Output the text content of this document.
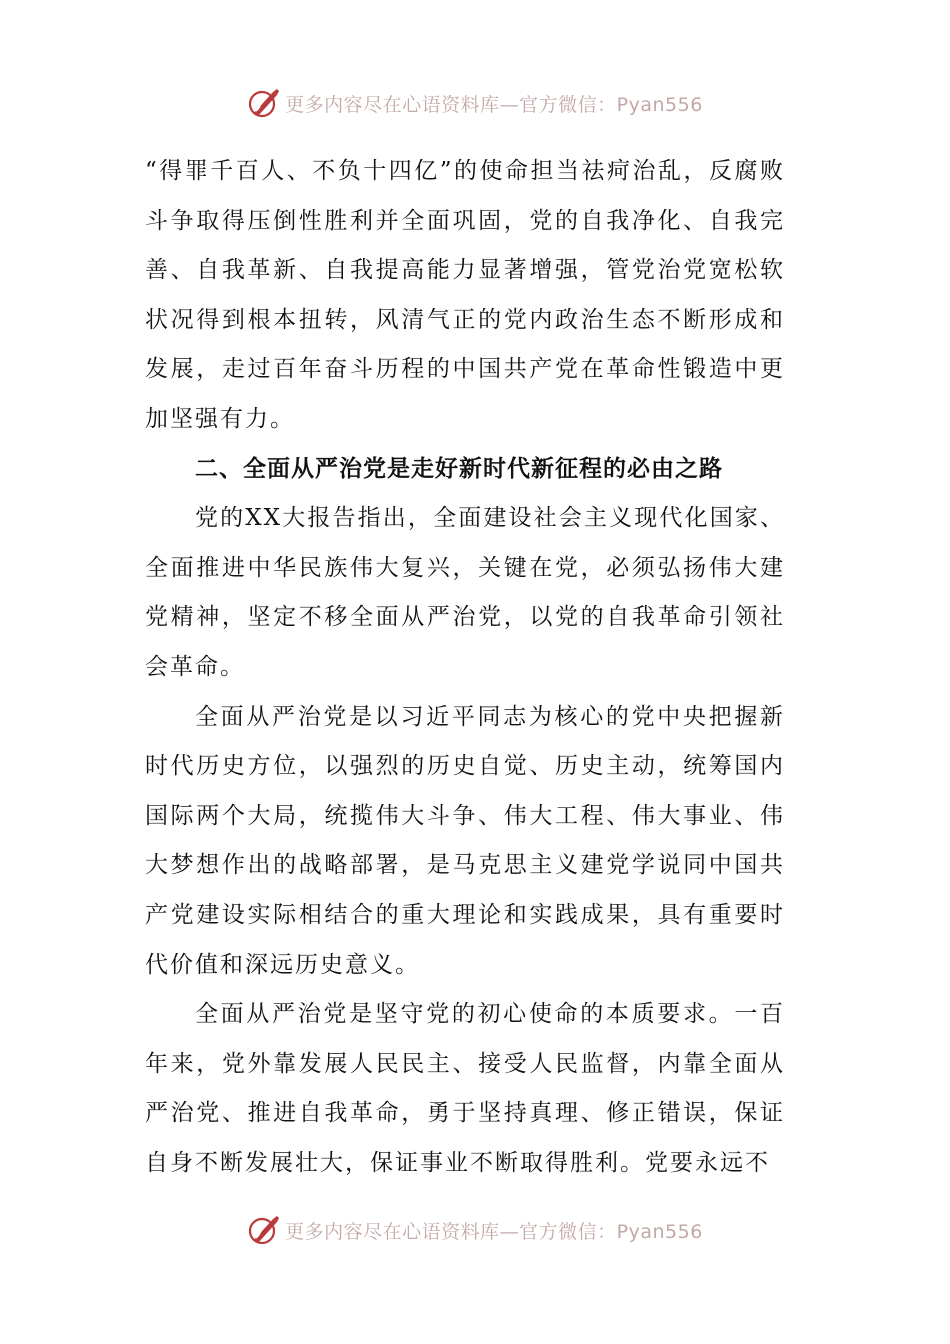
更多内容尽在心语资料库—官方微信：Pyan556

“得罪千百人、不负十四亿”的使命担当祛疴治乱，反腐败斗争取得压倒性胜利并全面巩固，党的自我净化、自我完善、自我革新、自我提高能力显著增强，管党治党宽松软状况得到根本扭转，风清气正的党内政治生态不断形成和发展，走过百年奋斗历程的中国共产党在革命性锻造中更加坚强有力。

二、全面从严治党是走好新时代新征程的必由之路

党的XX大报告指出，全面建设社会主义现代化国家、全面推进中华民族伟大复兴，关键在党，必须弘扬伟大建党精神，坚定不移全面从严治党，以党的自我革命引领社会革命。

全面从严治党是以习近平同志为核心的党中央把握新时代历史方位，以强烈的历史自觉、历史主动，统筹国内国际两个大局，统揽伟大斗争、伟大工程、伟大事业、伟大梦想作出的战略部署，是马克思主义建党学说同中国共产党建设实际相结合的重大理论和实践成果，具有重要时代价值和深远历史意义。

全面从严治党是坚守党的初心使命的本质要求。一百年来，党外靠发展人民民主、接受人民监督，内靠全面从严治党、推进自我革命，勇于坚持真理、修正错误，保证自身不断发展壮大，保证事业不断取得胜利。党要永远不

更多内容尽在心语资料库—官方微信：Pyan556
